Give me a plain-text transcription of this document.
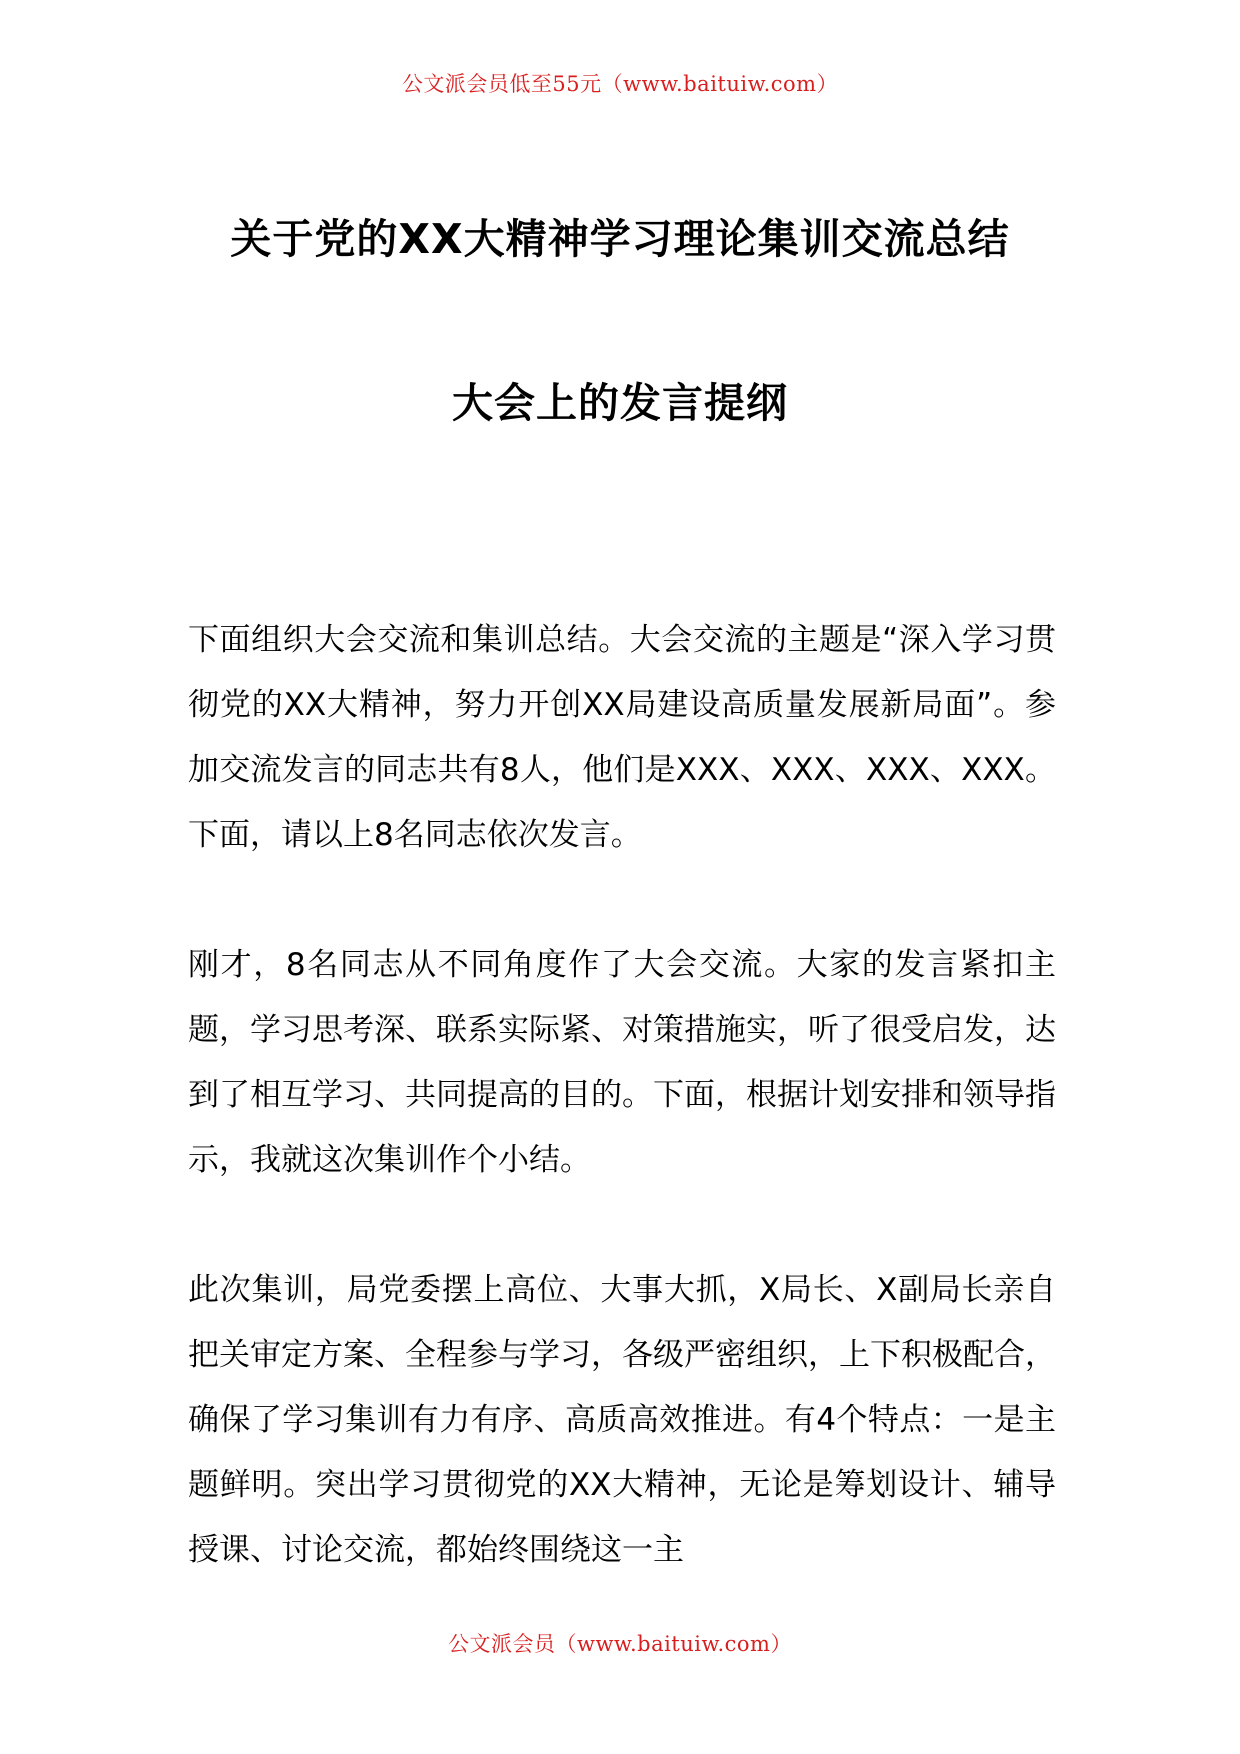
公文派会员低至55元（www.baituiw.com）
关于党的XX大精神学习理论集训交流总结
大会上的发言提纲

下面组织大会交流和集训总结。大会交流的主题是“深入学习贯彻党的XX大精神，努力开创XX局建设高质量发展新局面”。参加交流发言的同志共有8人，他们是XXX、XXX、XXX、XXX。下面，请以上8名同志依次发言。

刚才，8名同志从不同角度作了大会交流。大家的发言紧扣主题，学习思考深、联系实际紧、对策措施实，听了很受启发，达到了相互学习、共同提高的目的。下面，根据计划安排和领导指示，我就这次集训作个小结。

此次集训，局党委摆上高位、大事大抓，X局长、X副局长亲自把关审定方案、全程参与学习，各级严密组织，上下积极配合，确保了学习集训有力有序、高质高效推进。有4个特点：一是主题鲜明。突出学习贯彻党的XX大精神，无论是筹划设计、辅导授课、讨论交流，都始终围绕这一主

公文派会员（www.baituiw.com）
